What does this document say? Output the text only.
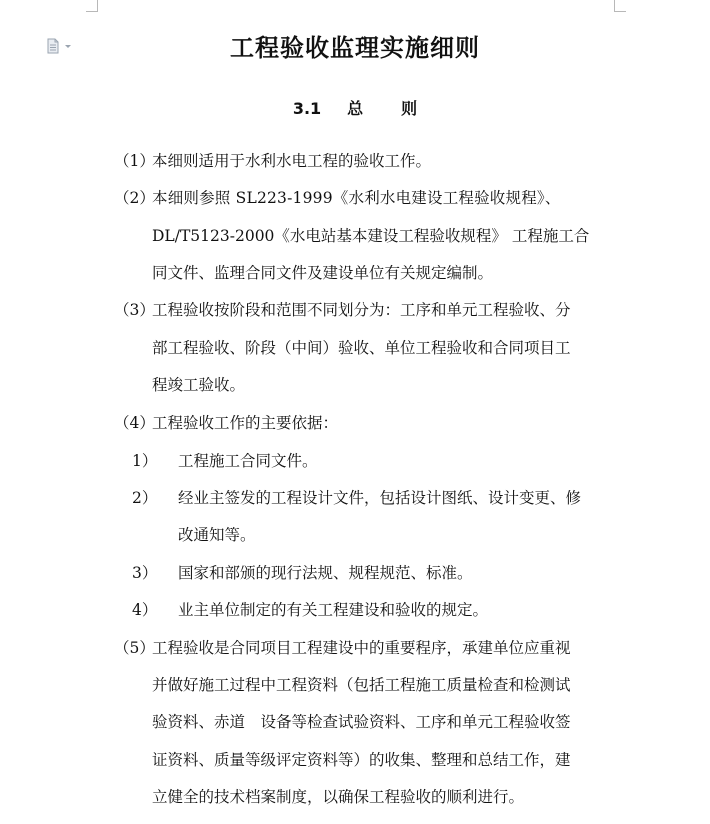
工程验收监理实施细则
3.1 总 则
（1）
本细则适用于水利水电工程的验收工作。
（2）
本细则参照 SL223-1999《水利水电建设工程验收规程》、
DL/T5123-2000《水电站基本建设工程验收规程》 工程施工合
同文件、监理合同文件及建设单位有关规定编制。
（3）
工程验收按阶段和范围不同划分为：工序和单元工程验收、分
部工程验收、阶段（中间）验收、单位工程验收和合同项目工
程竣工验收。
（4）
工程验收工作的主要依据：
1） 工程施工合同文件。
2） 经业主签发的工程设计文件，包括设计图纸、设计变更、修
改通知等。
3） 国家和部颁的现行法规、规程规范、标准。
4） 业主单位制定的有关工程建设和验收的规定。
（5）
工程验收是合同项目工程建设中的重要程序，承建单位应重视
并做好施工过程中工程资料（包括工程施工质量检查和检测试
验资料、赤道　设备等检查试验资料、工序和单元工程验收签
证资料、质量等级评定资料等）的收集、整理和总结工作，建
立健全的技术档案制度，以确保工程验收的顺利进行。
